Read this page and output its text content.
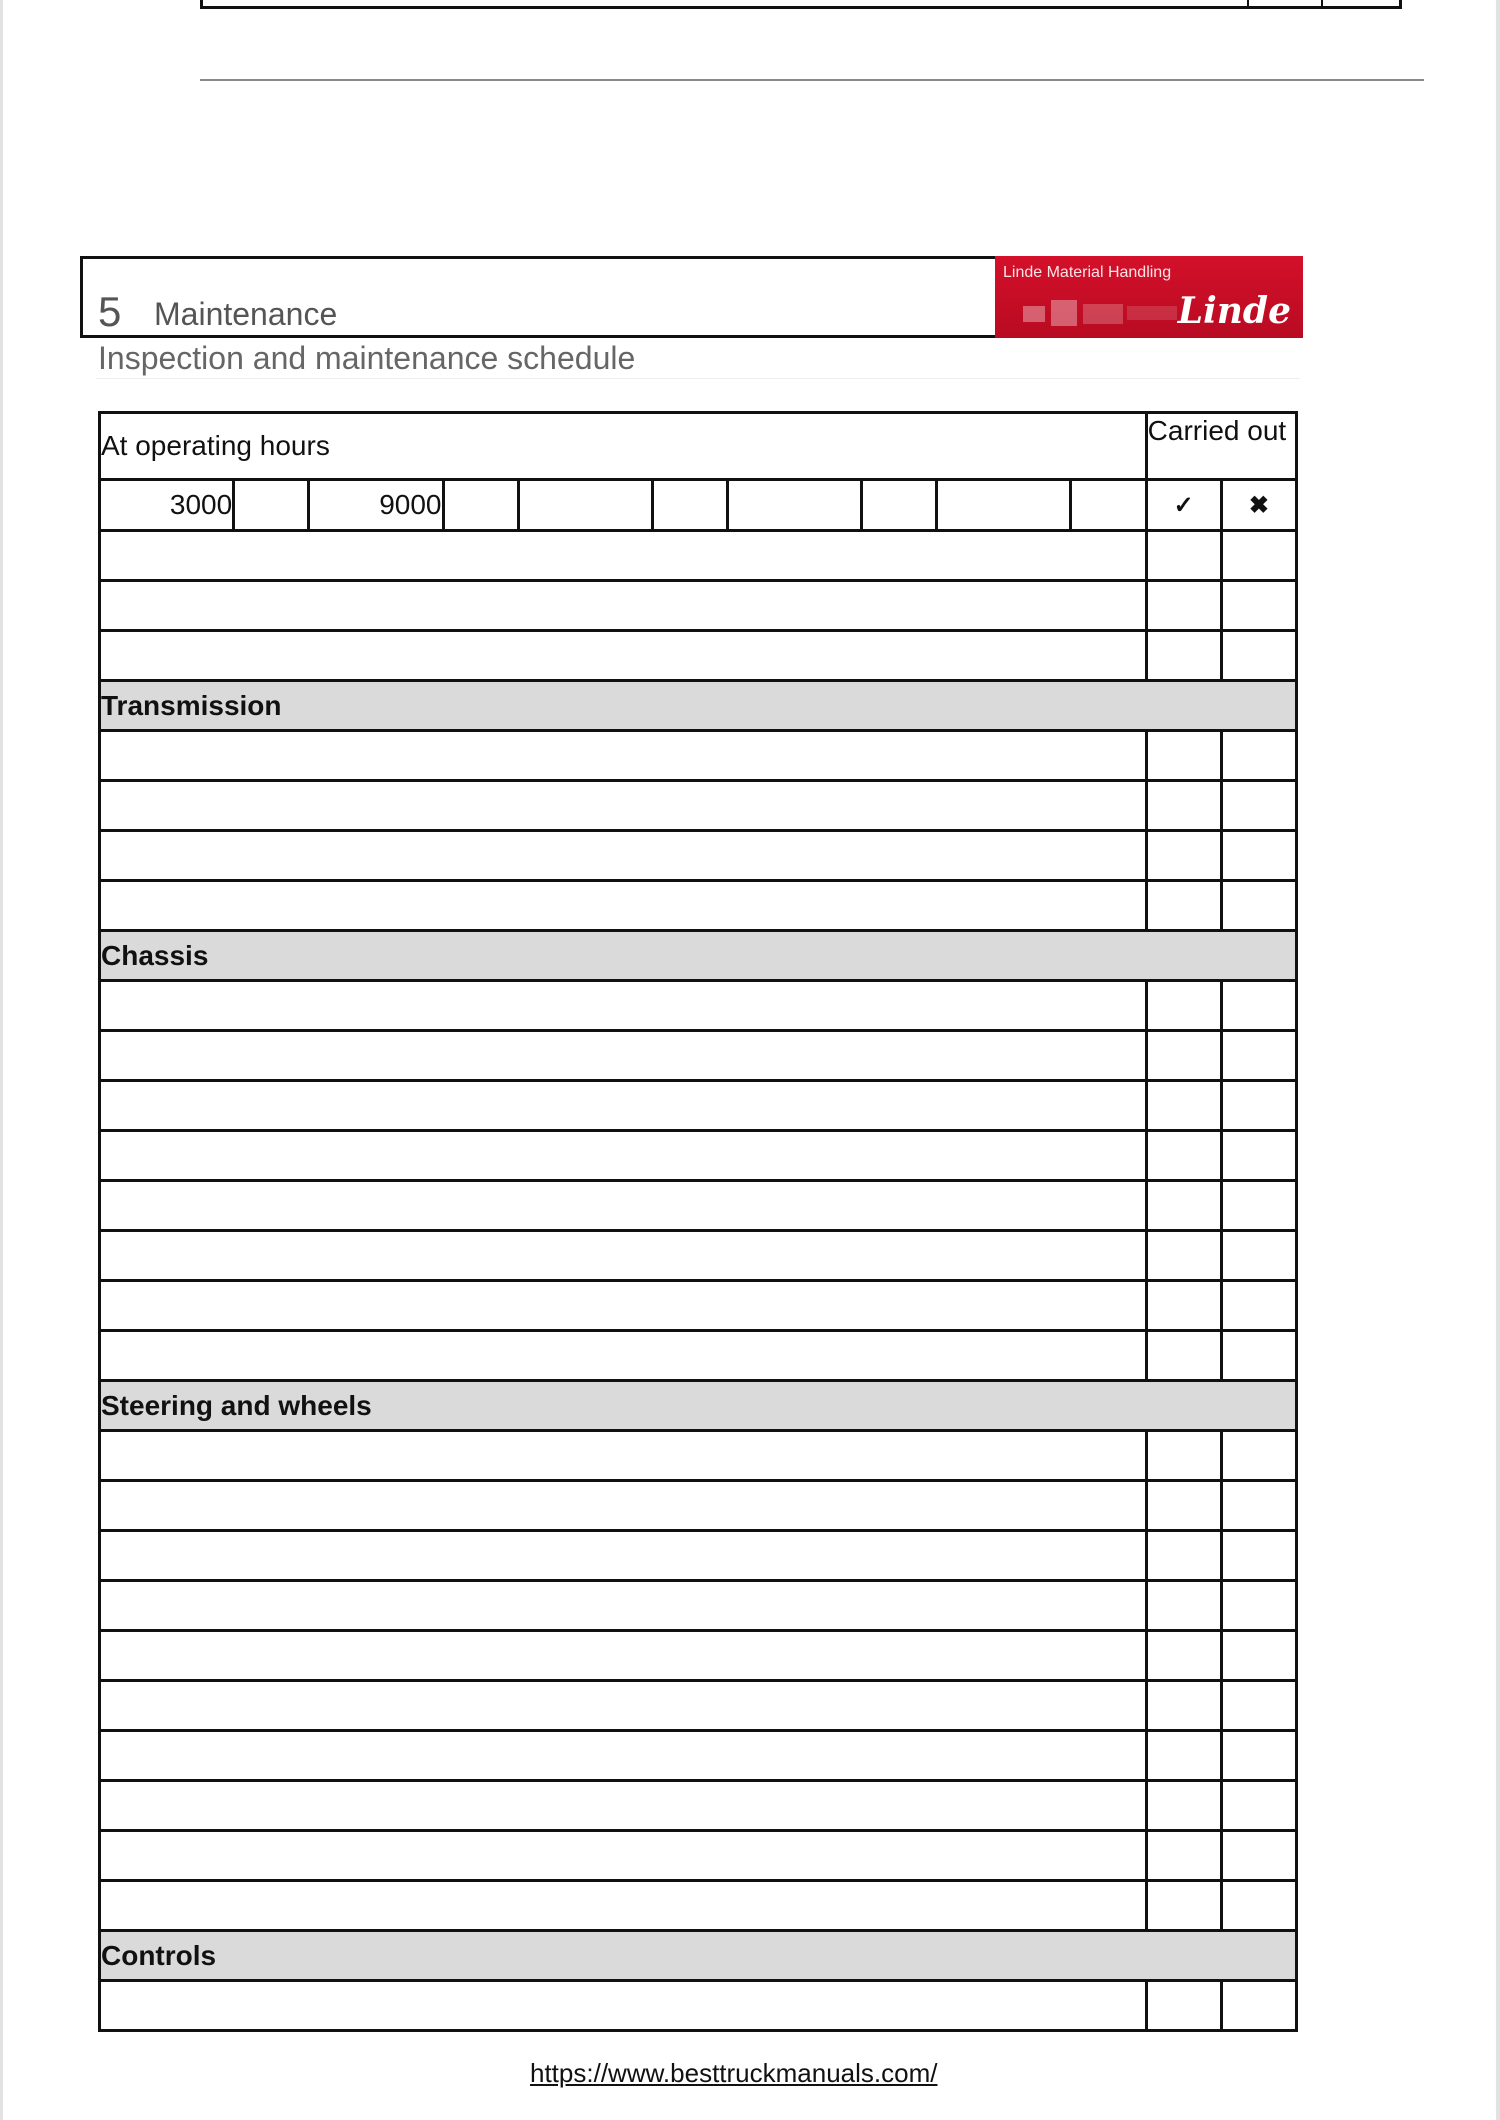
5 Maintenance
Inspection and maintenance schedule
Linde Material Handling
Linde
At operating hours										Carried out	
3000		9000								✓	✖

Transmission											

Chassis											

Steering and wheels											

Controls											

https://www.besttruckmanuals.com/
